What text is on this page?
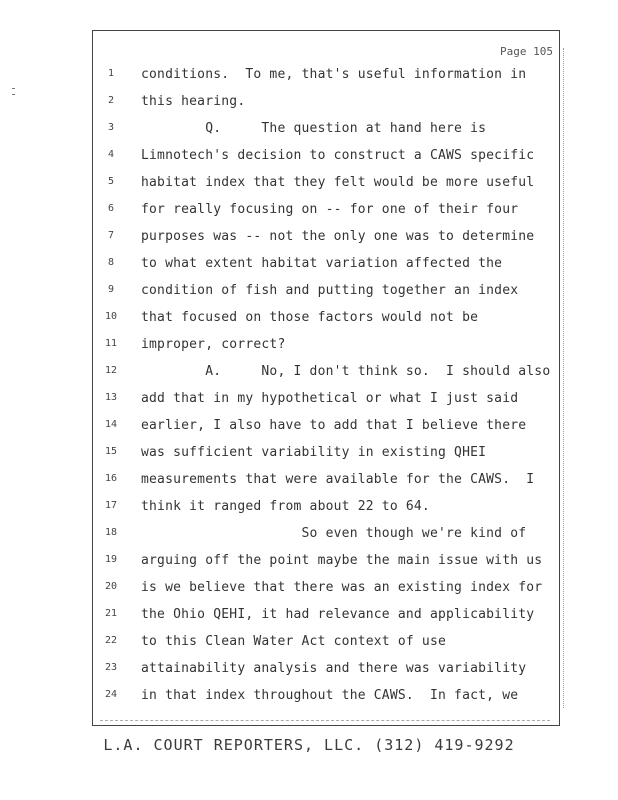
Page 105
1	conditions.  To me, that's useful information in
2	this hearing.
3	Q.     The question at hand here is
4	Limnotech's decision to construct a CAWS specific
5	habitat index that they felt would be more useful
6	for really focusing on -- for one of their four
7	purposes was -- not the only one was to determine
8	to what extent habitat variation affected the
9	condition of fish and putting together an index
10	that focused on those factors would not be
11	improper, correct?
12	A.     No, I don't think so.  I should also
13	add that in my hypothetical or what I just said
14	earlier, I also have to add that I believe there
15	was sufficient variability in existing QHEI
16	measurements that were available for the CAWS.  I
17	think it ranged from about 22 to 64.
18	So even though we're kind of
19	arguing off the point maybe the main issue with us
20	is we believe that there was an existing index for
21	the Ohio QEHI, it had relevance and applicability
22	to this Clean Water Act context of use
23	attainability analysis and there was variability
24	in that index throughout the CAWS.  In fact, we
L.A. COURT REPORTERS, LLC. (312) 419-9292
